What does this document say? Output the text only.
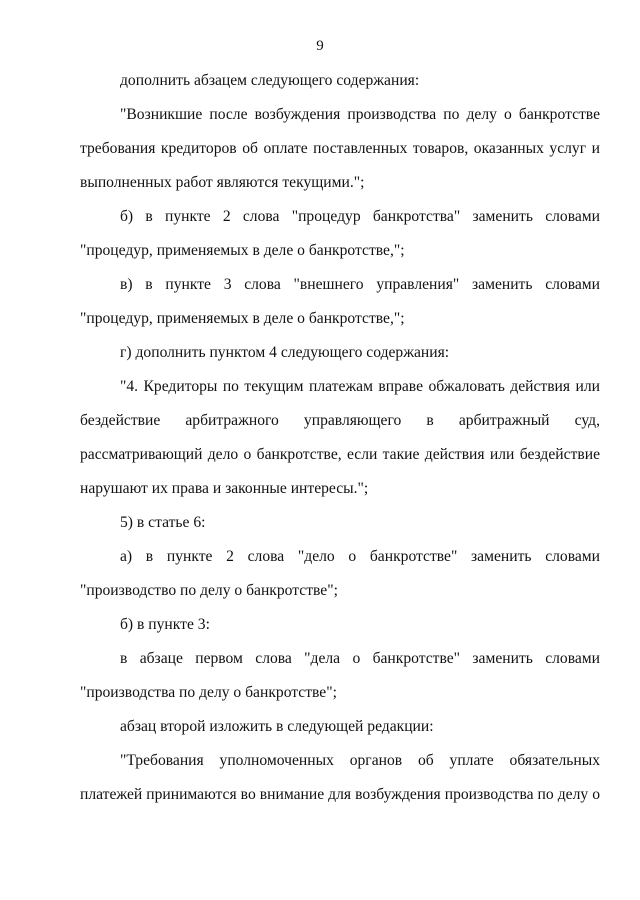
9

дополнить абзацем следующего содержания:

"Возникшие после возбуждения производства по делу о банкротстве требования кредиторов об оплате поставленных товаров, оказанных услуг и выполненных работ являются текущими.";

б) в пункте 2 слова "процедур банкротства" заменить словами "процедур, применяемых в деле о банкротстве,";

в) в пункте 3 слова "внешнего управления" заменить словами "процедур, применяемых в деле о банкротстве,";

г) дополнить пунктом 4 следующего содержания:

"4. Кредиторы по текущим платежам вправе обжаловать действия или бездействие арбитражного управляющего в арбитражный суд, рассматривающий дело о банкротстве, если такие действия или бездействие нарушают их права и законные интересы.";

5) в статье 6:

а) в пункте 2 слова "дело о банкротстве" заменить словами "производство по делу о банкротстве";

б) в пункте 3:

в абзаце первом слова "дела о банкротстве" заменить словами "производства по делу о банкротстве";

абзац второй изложить в следующей редакции:

"Требования уполномоченных органов об уплате обязательных платежей принимаются во внимание для возбуждения производства по делу о
